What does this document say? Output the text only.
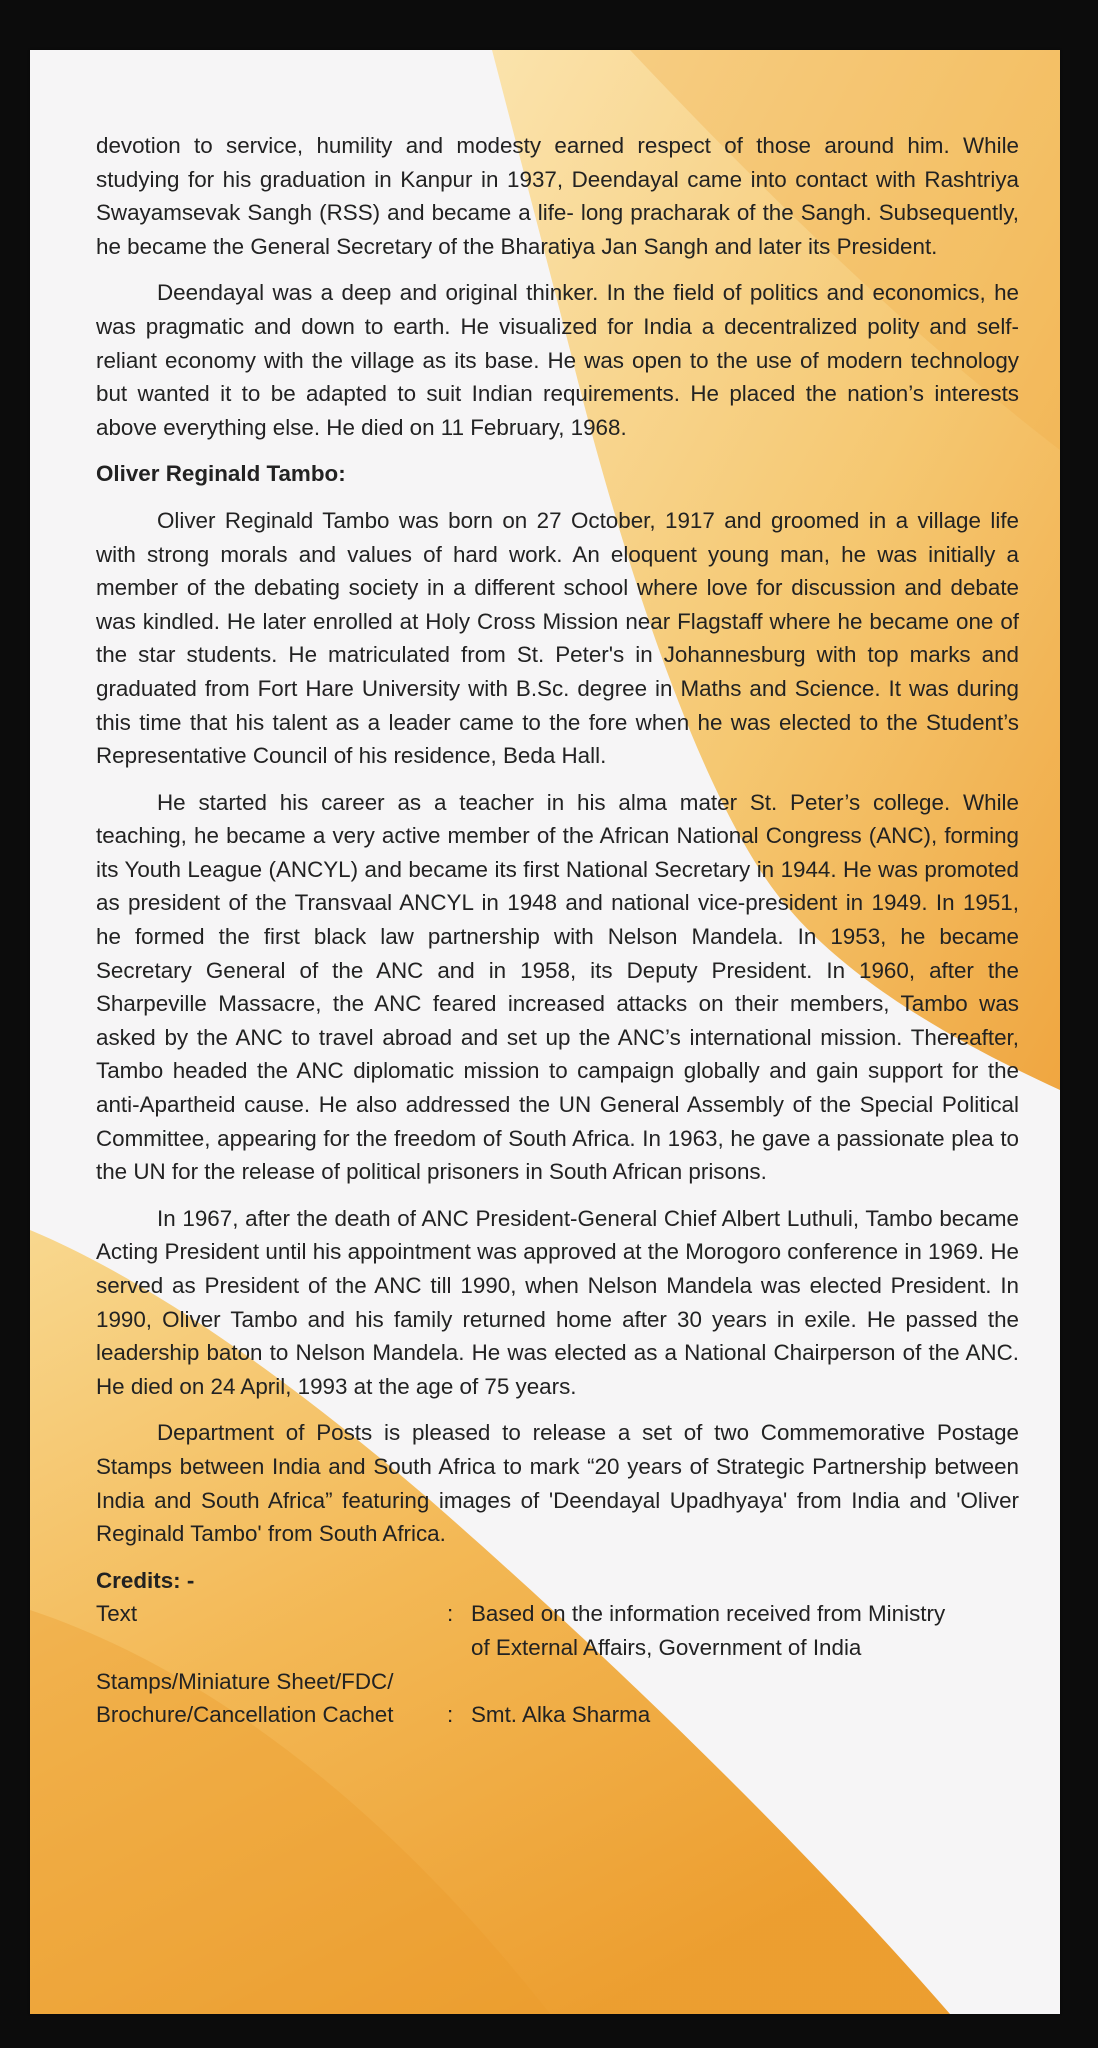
devotion to service, humility and modesty earned respect of those around him. While studying for his graduation in Kanpur in 1937, Deendayal came into contact with Rashtriya Swayamsevak Sangh (RSS) and became a life- long pracharak of the Sangh. Subsequently, he became the General Secretary of the Bharatiya Jan Sangh and later its President.

Deendayal was a deep and original thinker. In the field of politics and economics, he was pragmatic and down to earth. He visualized for India a decentralized polity and self-reliant economy with the village as its base. He was open to the use of modern technology but wanted it to be adapted to suit Indian requirements. He placed the nation’s interests above everything else. He died on 11 February, 1968.

Oliver Reginald Tambo:

Oliver Reginald Tambo was born on 27 October, 1917 and groomed in a village life with strong morals and values of hard work. An eloquent young man, he was initially a member of the debating society in a different school where love for discussion and debate was kindled. He later enrolled at Holy Cross Mission near Flagstaff where he became one of the star students. He matriculated from St. Peter's in Johannesburg with top marks and graduated from Fort Hare University with B.Sc. degree in Maths and Science. It was during this time that his talent as a leader came to the fore when he was elected to the Student’s Representative Council of his residence, Beda Hall.

He started his career as a teacher in his alma mater St. Peter’s college. While teaching, he became a very active member of the African National Congress (ANC), forming its Youth League (ANCYL) and became its first National Secretary in 1944. He was promoted as president of the Transvaal ANCYL in 1948 and national vice-president in 1949. In 1951, he formed the first black law partnership with Nelson Mandela. In 1953, he became Secretary General of the ANC and in 1958, its Deputy President. In 1960, after the Sharpeville Massacre, the ANC feared increased attacks on their members, Tambo was asked by the ANC to travel abroad and set up the ANC’s international mission. Thereafter, Tambo headed the ANC diplomatic mission to campaign globally and gain support for the anti-Apartheid cause. He also addressed the UN General Assembly of the Special Political Committee, appearing for the freedom of South Africa. In 1963, he gave a passionate plea to the UN for the release of political prisoners in South African prisons.

In 1967, after the death of ANC President-General Chief Albert Luthuli, Tambo became Acting President until his appointment was approved at the Morogoro conference in 1969. He served as President of the ANC till 1990, when Nelson Mandela was elected President. In 1990, Oliver Tambo and his family returned home after 30 years in exile. He passed the leadership baton to Nelson Mandela. He was elected as a National Chairperson of the ANC. He died on 24 April, 1993 at the age of 75 years.

Department of Posts is pleased to release a set of two Commemorative Postage Stamps between India and South Africa to mark “20 years of Strategic Partnership between India and South Africa” featuring images of 'Deendayal Upadhyaya' from India and 'Oliver Reginald Tambo' from South Africa.

Credits: -
Text	: Based on the information received from Ministry
of External Affairs, Government of India
Stamps/Miniature Sheet/FDC/
Brochure/Cancellation Cachet	: Smt. Alka Sharma
